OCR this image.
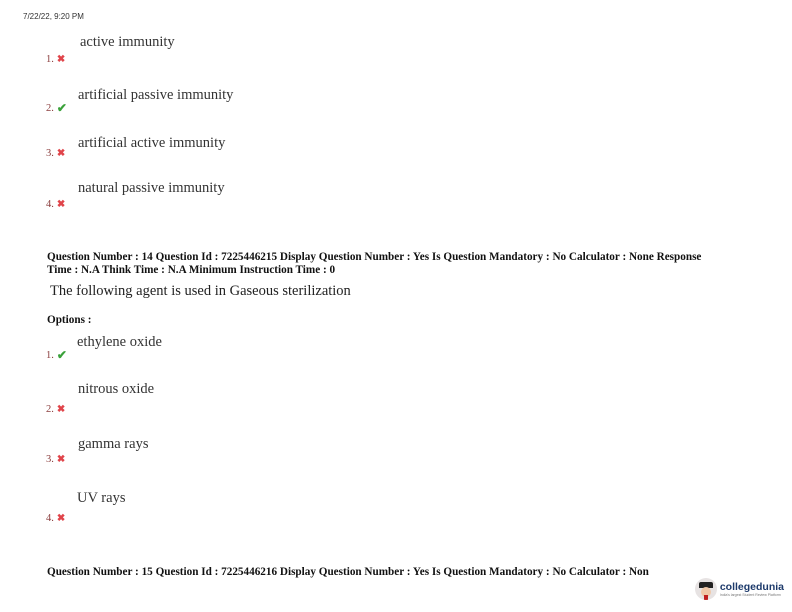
7/22/22, 9:20 PM
active immunity
1. ✖
artificial passive immunity
2. ✔
artificial active immunity
3. ✖
natural passive immunity
4. ✖
Question Number : 14 Question Id : 7225446215 Display Question Number : Yes Is Question Mandatory : No Calculator : None Response
Time : N.A Think Time : N.A Minimum Instruction Time : 0
The following agent is used in Gaseous sterilization
Options :
ethylene oxide
1. ✔
nitrous oxide
2. ✖
gamma rays
3. ✖
UV rays
4. ✖
Question Number : 15 Question Id : 7225446216 Display Question Number : Yes Is Question Mandatory : No Calculator : Non
collegedunia
India's largest Student Review Platform
